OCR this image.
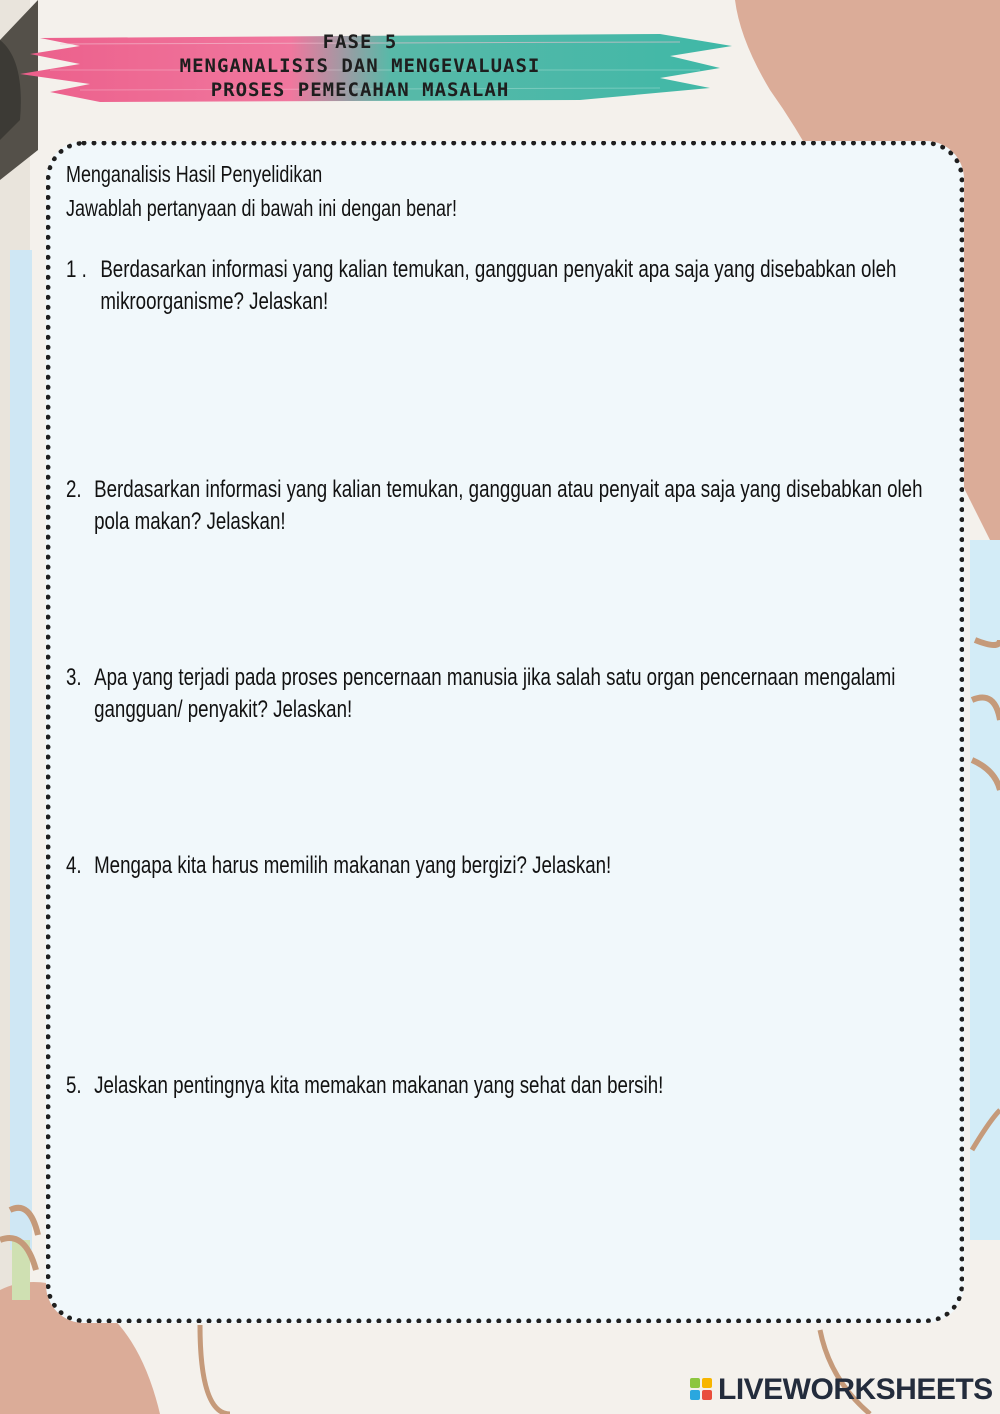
FASE 5
MENGANALISIS DAN MENGEVALUASI
PROSES PEMECAHAN MASALAH
Menganalisis Hasil Penyelidikan
Jawablah pertanyaan di bawah ini dengan benar!
1 . Berdasarkan informasi yang kalian temukan, gangguan penyakit apa saja yang disebabkan oleh mikroorganisme? Jelaskan!
2. Berdasarkan informasi yang kalian temukan, gangguan atau penyait apa saja yang disebabkan oleh pola makan? Jelaskan!
3. Apa yang terjadi pada proses pencernaan manusia jika salah satu organ pencernaan mengalami gangguan/ penyakit? Jelaskan!
4. Mengapa kita harus memilih makanan yang bergizi? Jelaskan!
5. Jelaskan pentingnya kita memakan makanan yang sehat dan bersih!
LIVEWORKSHEETS
